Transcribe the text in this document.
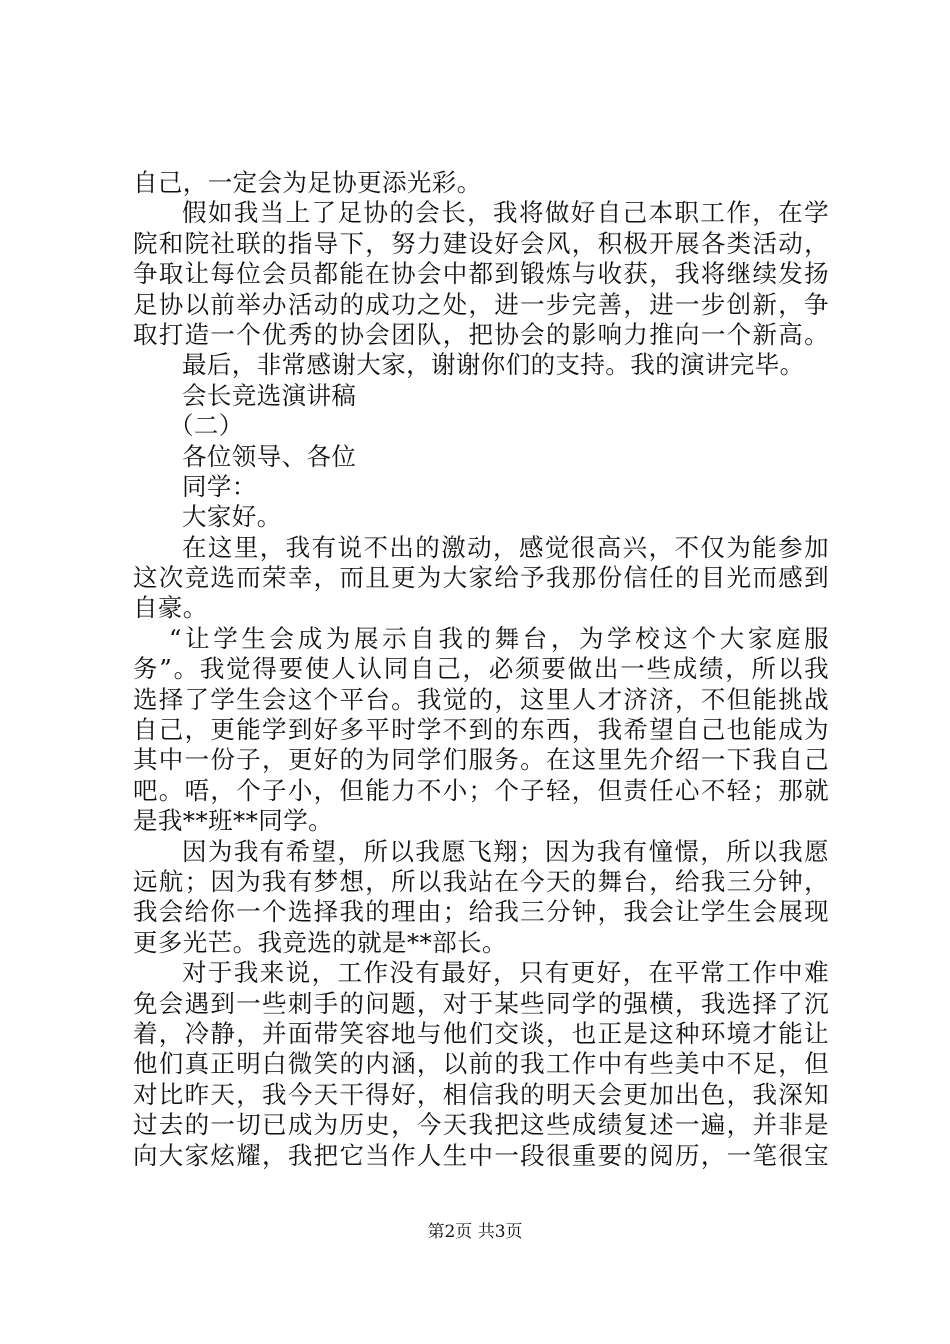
自己，一定会为足协更添光彩。
假如我当上了足协的会长，我将做好自己本职工作，在学
院和院社联的指导下，努力建设好会风，积极开展各类活动，
争取让每位会员都能在协会中都到锻炼与收获，我将继续发扬
足协以前举办活动的成功之处，进一步完善，进一步创新，争
取打造一个优秀的协会团队，把协会的影响力推向一个新高。
最后，非常感谢大家，谢谢你们的支持。我的演讲完毕。
会长竞选演讲稿
（二）
各位领导、各位
同学：
大家好。
在这里，我有说不出的激动，感觉很高兴，不仅为能参加
这次竞选而荣幸，而且更为大家给予我那份信任的目光而感到
自豪。
“让学生会成为展示自我的舞台，为学校这个大家庭服
务”。我觉得要使人认同自己，必须要做出一些成绩，所以我
选择了学生会这个平台。我觉的，这里人才济济，不但能挑战
自己，更能学到好多平时学不到的东西，我希望自己也能成为
其中一份子，更好的为同学们服务。在这里先介绍一下我自己
吧。唔，个子小，但能力不小；个子轻，但责任心不轻；那就
是我**班**同学。
因为我有希望，所以我愿飞翔；因为我有憧憬，所以我愿
远航；因为我有梦想，所以我站在今天的舞台，给我三分钟，
我会给你一个选择我的理由；给我三分钟，我会让学生会展现
更多光芒。我竞选的就是**部长。
对于我来说，工作没有最好，只有更好，在平常工作中难
免会遇到一些刺手的问题，对于某些同学的强横，我选择了沉
着，冷静，并面带笑容地与他们交谈，也正是这种环境才能让
他们真正明白微笑的内涵，以前的我工作中有些美中不足，但
对比昨天，我今天干得好，相信我的明天会更加出色，我深知
过去的一切已成为历史，今天我把这些成绩复述一遍，并非是
向大家炫耀，我把它当作人生中一段很重要的阅历，一笔很宝
第2页 共3页
